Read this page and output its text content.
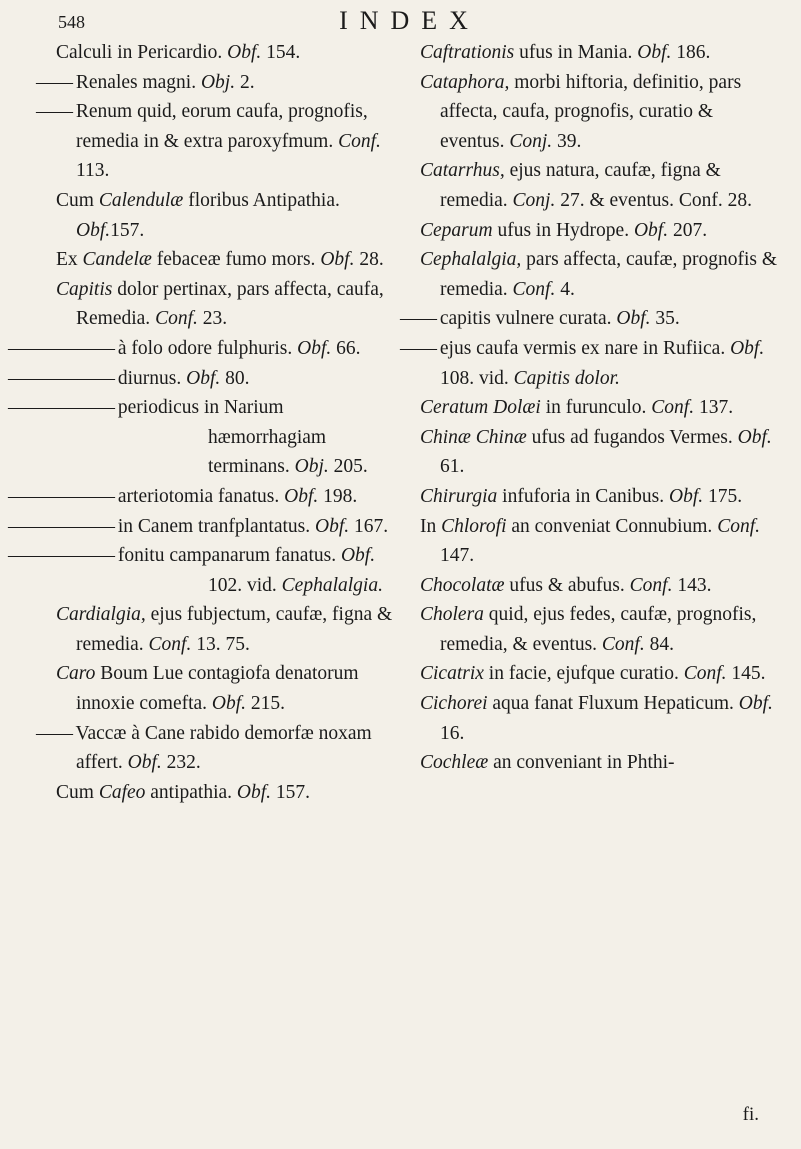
548	INDEX
Calculi in Pericardio. Obf. 154.
—— Renales magni. Obj. 2.
—— Renum quid, eorum caufa, prognofis, remedia in & extra paroxyfmum. Conf. 113.
Cum Calendulæ floribus Antipathia. Obf.157.
Ex Candelæ febaceæ fumo mors. Obf. 28.
Capitis dolor pertinax, pars affecta, caufa, Remedia. Conf. 23.
—————— à folo odore fulphuris. Obf. 66.
—————— diurnus. Obf. 80.
—————— periodicus in Narium hæmorrhagiam terminans. Obj. 205.
—————— arteriotomia fanatus. Obf. 198.
—————— in Canem tranfplantatus. Obf. 167.
—————— fonitu campanarum fanatus. Obf. 102. vid. Cephalalgia.
Cardialgia, ejus fubjectum, caufæ, figna & remedia. Conf. 13. 75.
Caro Boum Lue contagiofa denatorum innoxie comefta. Obf. 215.
—— Vaccæ à Cane rabido demorfæ noxam affert. Obf. 232.
Cum Cafeo antipathia. Obf. 157.
Caftrationis ufus in Mania. Obf. 186.
Cataphora, morbi hiftoria, definitio, pars affecta, caufa, prognofis, curatio & eventus. Conj. 39.
Catarrhus, ejus natura, caufæ, figna & remedia. Conj. 27. & eventus. Conf. 28.
Ceparum ufus in Hydrope. Obf. 207.
Cephalalgia, pars affecta, caufæ, prognofis & remedia. Conf. 4.
—— capitis vulnere curata. Obf. 35.
—— ejus caufa vermis ex nare in Rufiica. Obf. 108. vid. Capitis dolor.
Ceratum Dolæi in furunculo. Conf. 137.
Chinæ Chinæ ufus ad fugandos Vermes. Obf. 61.
Chirurgia infuforia in Canibus. Obf. 175.
In Chlorofi an conveniat Connubium. Conf. 147.
Chocolatæ ufus & abufus. Conf. 143.
Cholera quid, ejus fedes, caufæ, prognofis, remedia, & eventus. Conf. 84.
Cicatrix in facie, ejufque curatio. Conf. 145.
Cichorei aqua fanat Fluxum Hepaticum. Obf. 16.
Cochleæ an conveniant in Phthi-
fi.
